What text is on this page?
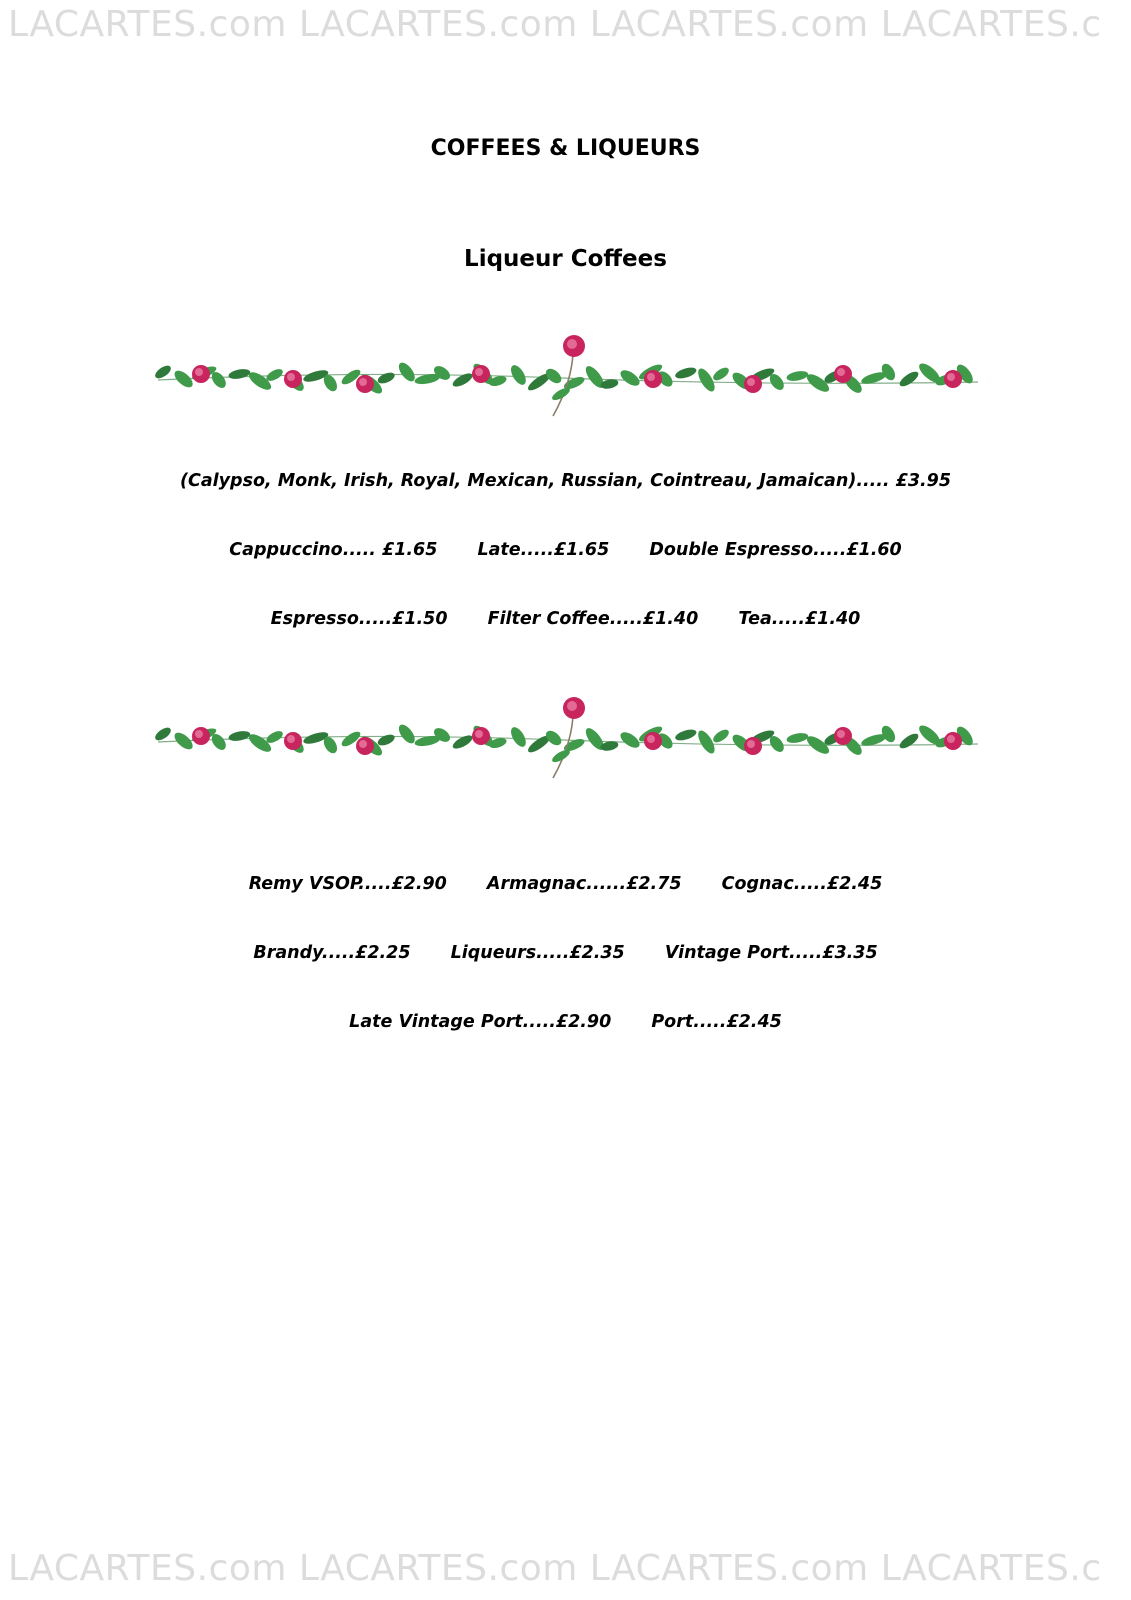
LACARTES.com LACARTES.com LACARTES.com LACARTES.c
COFFEES & LIQUEURS
Liqueur Coffees
(Calypso, Monk, Irish, Royal, Mexican, Russian, Cointreau, Jamaican)..... £3.95
Cappuccino..... £1.65 Late.....£1.65 Double Espresso.....£1.60
Espresso.....£1.50 Filter Coffee.....£1.40 Tea.....£1.40
Remy VSOP.....£2.90 Armagnac......£2.75 Cognac.....£2.45
Brandy.....£2.25 Liqueurs.....£2.35 Vintage Port.....£3.35
Late Vintage Port.....£2.90 Port.....£2.45
LACARTES.com LACARTES.com LACARTES.com LACARTES.c
